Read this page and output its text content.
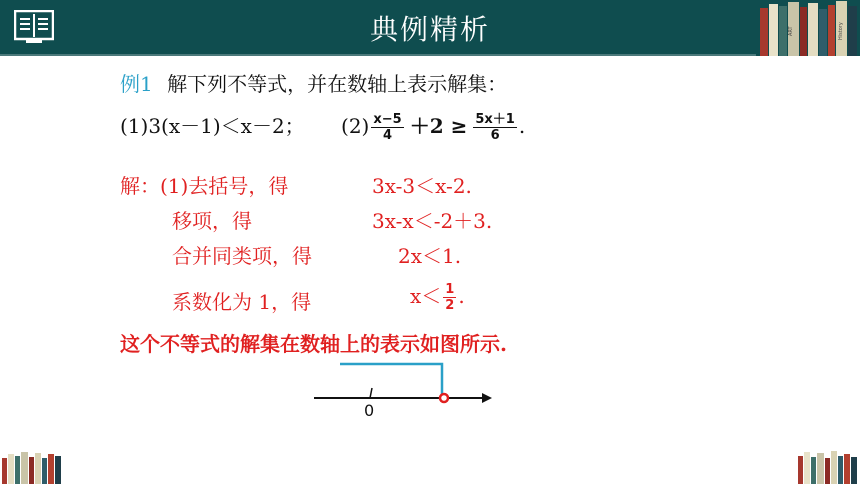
典例精析	ART	History
例1 解下列不等式，并在数轴上表示解集：
(1)3(x－1)＜x－2； $(2) \frac{x-5}{4} +2 \ge \frac{5x+1}{6}$ .
解：(1)去括号，得	3x-3＜x-2.
移项，得	3x-x＜-2＋3.
合并同类项，得	2x＜1.
系数化为 1，得	$x< \frac{1}{2}$ .
这个不等式的解集在数轴上的表示如图所示.
0
